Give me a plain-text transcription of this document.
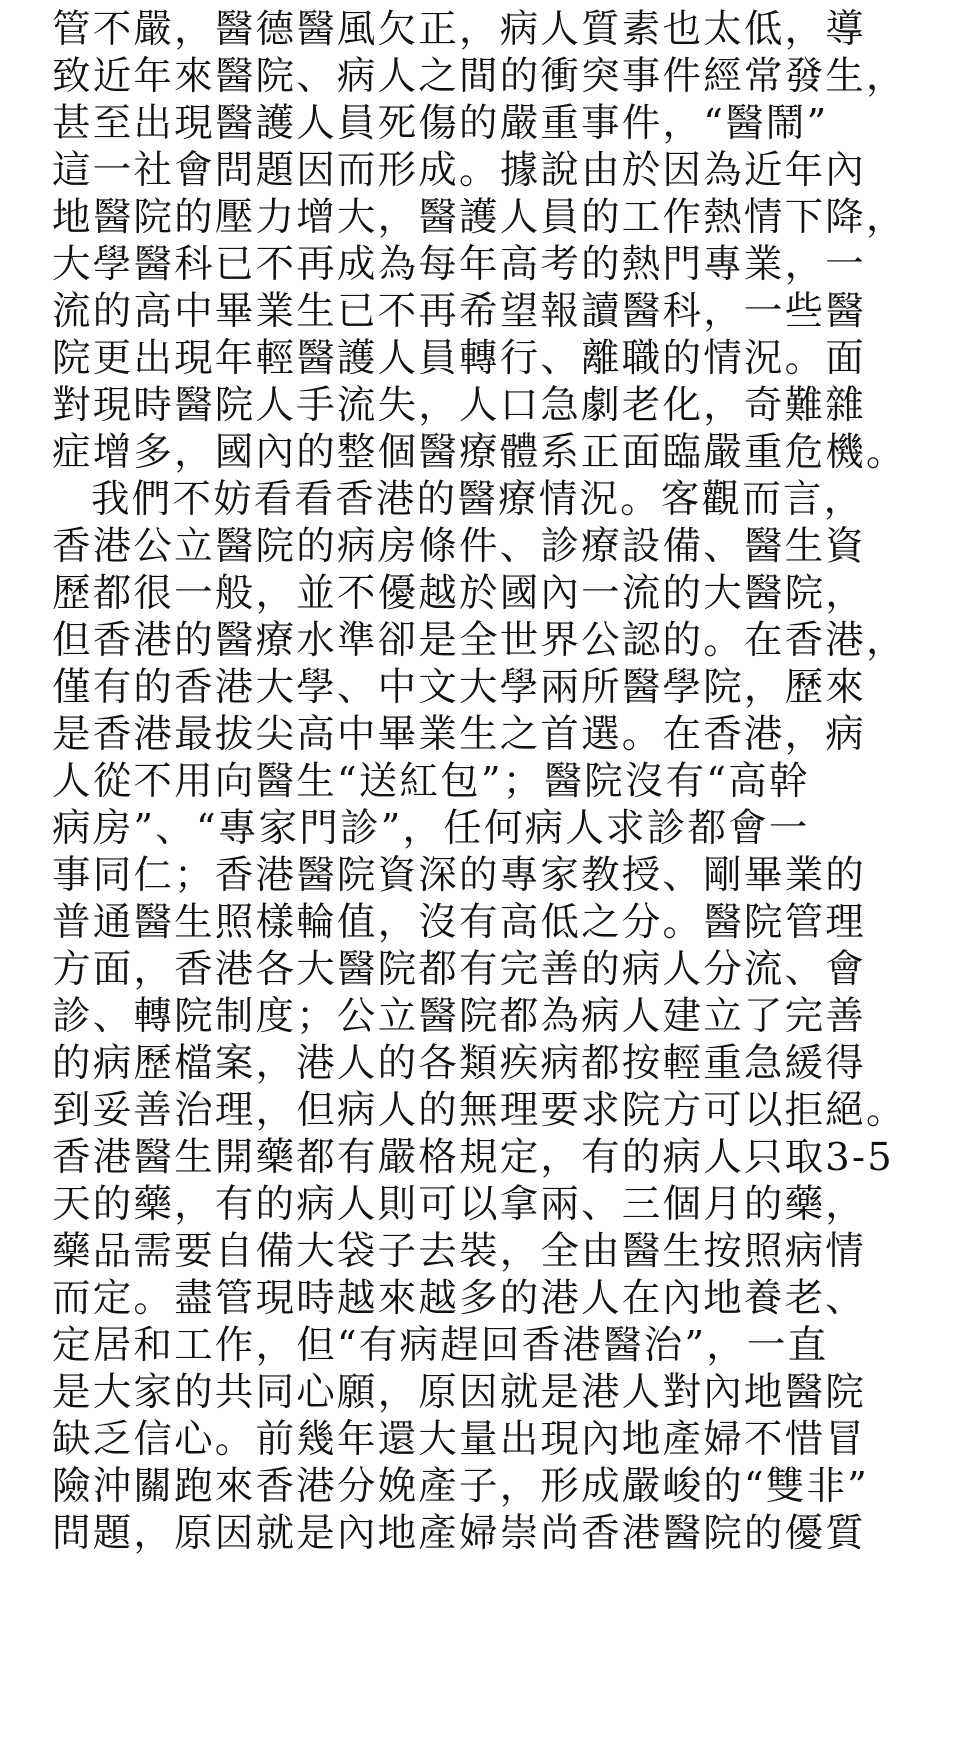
管不嚴，醫德醫風欠正，病人質素也太低，導
致近年來醫院、病人之間的衝突事件經常發生，
甚至出現醫護人員死傷的嚴重事件，“醫鬧”
這一社會問題因而形成。據說由於因為近年內
地醫院的壓力增大，醫護人員的工作熱情下降，
大學醫科已不再成為每年高考的熱門專業，一
流的高中畢業生已不再希望報讀醫科，一些醫
院更出現年輕醫護人員轉行、離職的情況。面
對現時醫院人手流失，人口急劇老化，奇難雜
症增多，國內的整個醫療體系正面臨嚴重危機。
我們不妨看看香港的醫療情況。客觀而言，
香港公立醫院的病房條件、診療設備、醫生資
歷都很一般，並不優越於國內一流的大醫院，
但香港的醫療水準卻是全世界公認的。在香港，
僅有的香港大學、中文大學兩所醫學院，歷來
是香港最拔尖高中畢業生之首選。在香港，病
人從不用向醫生“送紅包”；醫院沒有“高幹
病房”、“專家門診”，任何病人求診都會一
事同仁；香港醫院資深的專家教授、剛畢業的
普通醫生照樣輪值，沒有高低之分。醫院管理
方面，香港各大醫院都有完善的病人分流、會
診、轉院制度；公立醫院都為病人建立了完善
的病歷檔案，港人的各類疾病都按輕重急緩得
到妥善治理，但病人的無理要求院方可以拒絕。
香港醫生開藥都有嚴格規定，有的病人只取3-5
天的藥，有的病人則可以拿兩、三個月的藥，
藥品需要自備大袋子去裝，全由醫生按照病情
而定。盡管現時越來越多的港人在內地養老、
定居和工作，但“有病趕回香港醫治”，一直
是大家的共同心願，原因就是港人對內地醫院
缺乏信心。前幾年還大量出現內地產婦不惜冒
險沖關跑來香港分娩產子，形成嚴峻的“雙非”
問題，原因就是內地產婦崇尚香港醫院的優質
